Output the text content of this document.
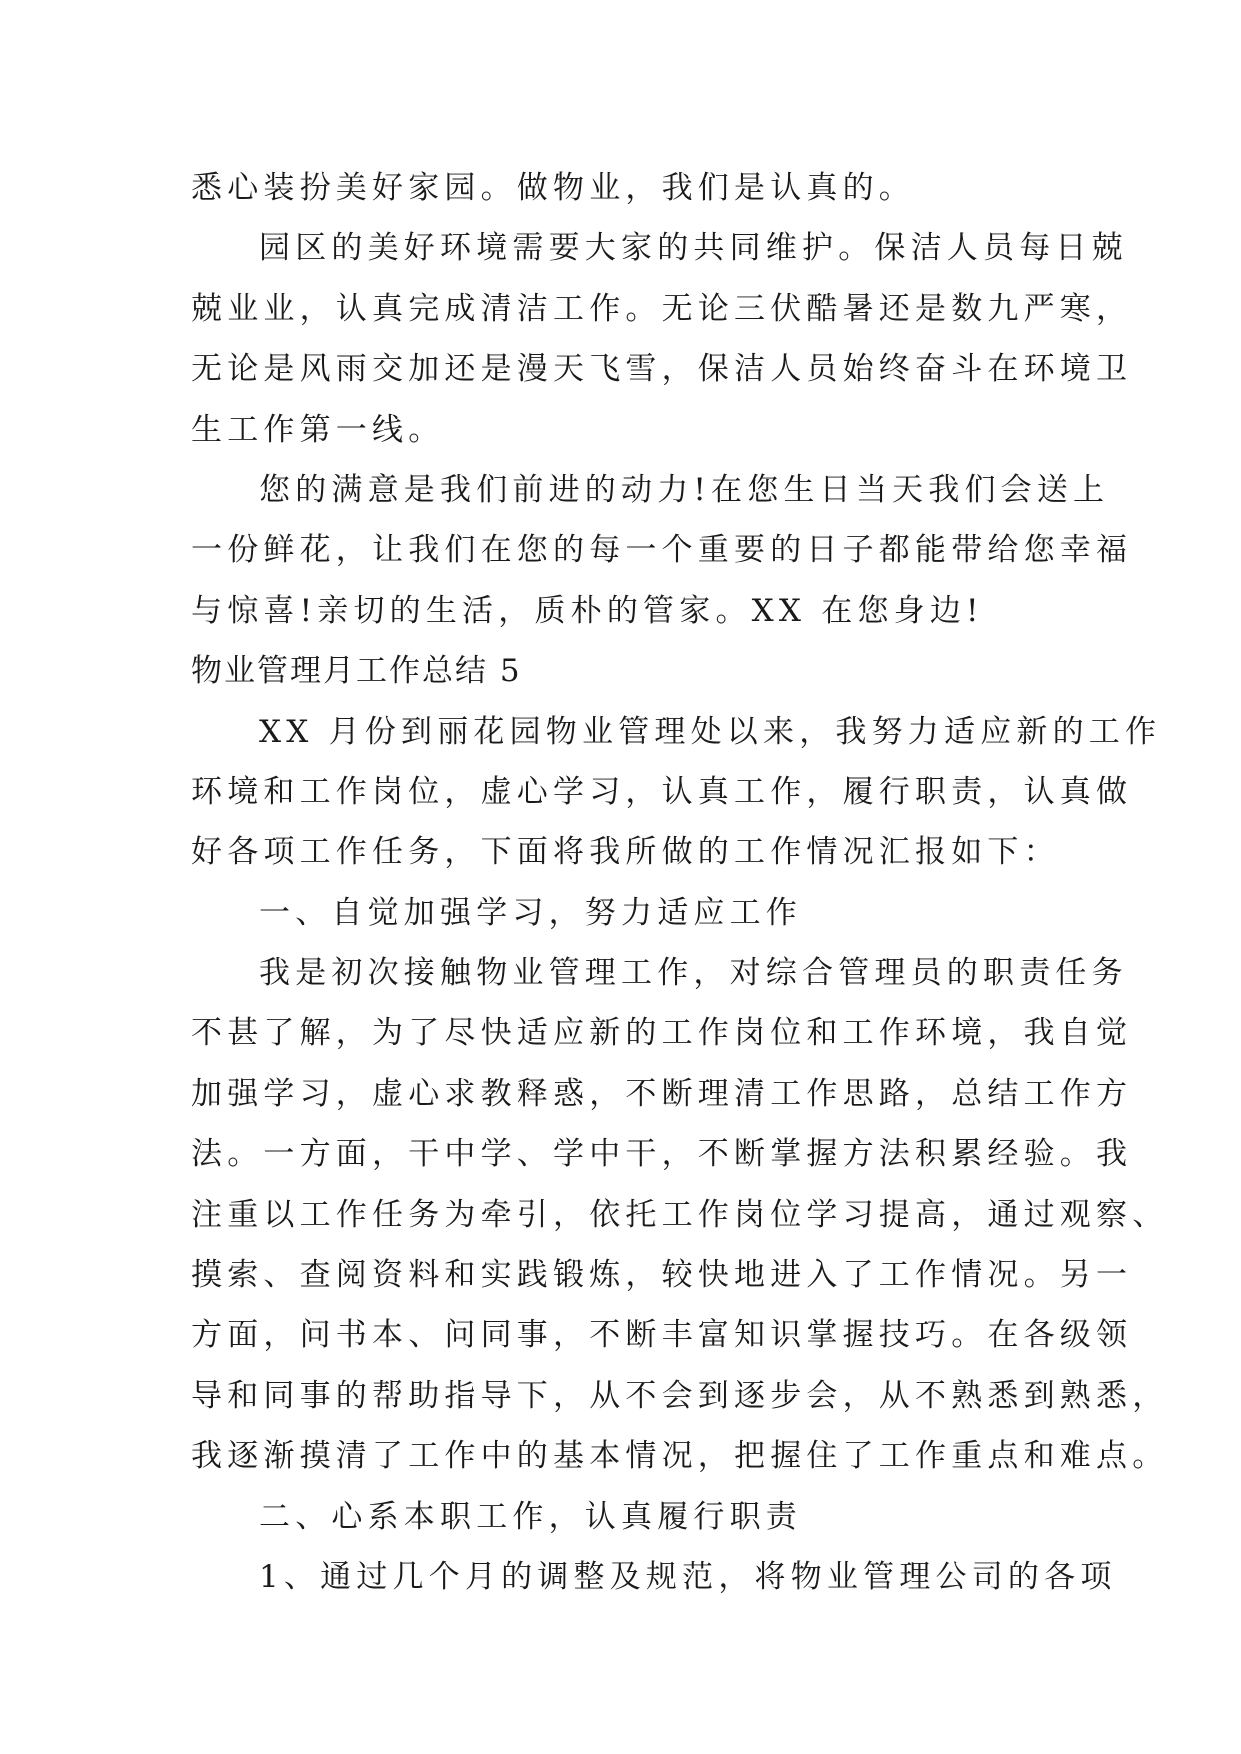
悉心装扮美好家园。做物业，我们是认真的。
园区的美好环境需要大家的共同维护。保洁人员每日兢
兢业业，认真完成清洁工作。无论三伏酷暑还是数九严寒，
无论是风雨交加还是漫天飞雪，保洁人员始终奋斗在环境卫
生工作第一线。
您的满意是我们前进的动力!在您生日当天我们会送上
一份鲜花，让我们在您的每一个重要的日子都能带给您幸福
与惊喜!亲切的生活，质朴的管家。XX 在您身边!
物业管理月工作总结 5
XX 月份到丽花园物业管理处以来，我努力适应新的工作
环境和工作岗位，虚心学习，认真工作，履行职责，认真做
好各项工作任务，下面将我所做的工作情况汇报如下：
一、自觉加强学习，努力适应工作
我是初次接触物业管理工作，对综合管理员的职责任务
不甚了解，为了尽快适应新的工作岗位和工作环境，我自觉
加强学习，虚心求教释惑，不断理清工作思路，总结工作方
法。一方面，干中学、学中干，不断掌握方法积累经验。我
注重以工作任务为牵引，依托工作岗位学习提高，通过观察、
摸索、查阅资料和实践锻炼，较快地进入了工作情况。另一
方面，问书本、问同事，不断丰富知识掌握技巧。在各级领
导和同事的帮助指导下，从不会到逐步会，从不熟悉到熟悉，
我逐渐摸清了工作中的基本情况，把握住了工作重点和难点。
二、心系本职工作，认真履行职责
1、通过几个月的调整及规范，将物业管理公司的各项
